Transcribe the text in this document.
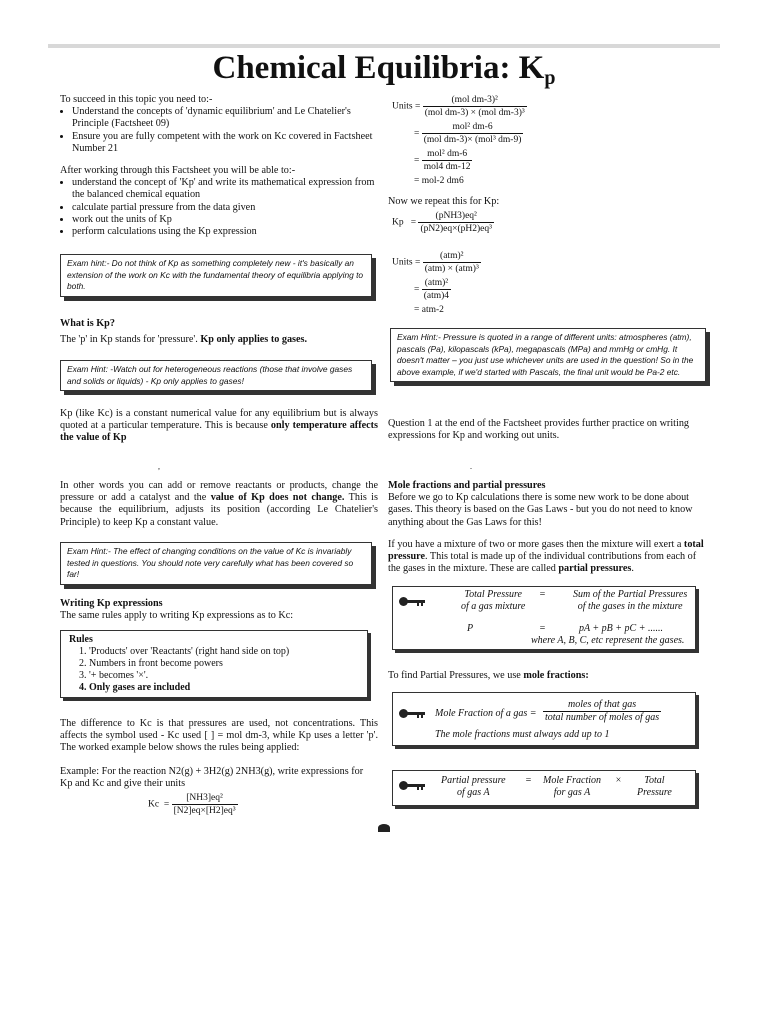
Chemical Equilibria: $K_p$

To succeed in this topic you need to:-

• Understand the concepts of 'dynamic equilibrium' and Le Chatelier's Principle (Factsheet 09)
• Ensure you are fully competent with the work on Kc covered in Factsheet Number 21

After working through this Factsheet you will be able to:-

• understand the concept of 'Kp' and write its mathematical expression from the balanced chemical equation
• calculate partial pressure from the data given
• work out the units of Kp
• perform calculations using the Kp expression
Exam hint:- Do not think of Kp as something completely new - it's basically an extension of the work on Kc with the fundamental theory of equilibria applying to both.

What is Kp?

The 'p' in Kp stands for 'pressure'. Kp only applies to gases.

Exam Hint: -Watch out for heterogeneous reactions (those that involve gases and solids or liquids) - Kp only applies to gases!
Kp (like Kc) is a constant numerical value for any equilibrium but is always quoted at a particular temperature. This is because only temperature affects the value of Kp
,
In other words you can add or remove reactants or products, change the pressure or add a catalyst and the value of Kp does not change. This is because the equilibrium, adjusts its position (according Le Chatelier's Principle) to keep Kp a constant value.
Exam Hint:- The effect of changing conditions on the value of Kc is invariably tested in questions. You should note very carefully what has been covered so far!

Writing Kp expressions

The same rules apply to writing Kp expressions as to Kc:

Rules
1. 'Products' over 'Reactants' (right hand side on top)
2. Numbers in front become powers
3. '+ becomes '×'.
4. Only gases are included
The difference to Kc is that pressures are used, not concentrations. This affects the symbol used - Kc used [ ] = mol dm-3, while Kp uses a letter 'p'. The worked example below shows the rules being applied:
Example: For the reaction N2(g) + 3H2(g) 2NH3(g), write expressions for Kp and Kc and give their units
$Kc = \frac{\text{[NH3]eq²}}{\text{[N2]eq×[H2]eq³}}$
Units = $\frac{\text{(mol dm-3)²}}{\text{(mol dm-3) × (mol dm-3)³}}$
= $\frac{\text{mol² dm-6}}{\text{(mol dm-3)× (mol³ dm-9)}}$
= $\frac{\text{mol² dm-6}}{\text{mol4 dm-12}}$
= mol-2 dm6

Now we repeat this for Kp:

$Kp = \frac{\text{(pNH3)eq²}}{\text{(pN2)eq×(pH2)eq³}}$
Units = $\frac{\text{(atm)²}}{\text{(atm) × (atm)³}}$
= $\frac{\text{(atm)²}}{\text{(atm)4}}$
= atm-2
Exam Hint:- Pressure is quoted in a range of different units: atmospheres (atm), pascals (Pa), kilopascals (kPa), megapascals (MPa) and mmHg or cmHg. It doesn't matter – you just use whichever units are used in the question! So in the above example, if we'd started with Pascals, the final unit would be Pa-2 etc.
Question 1 at the end of the Factsheet provides further practice on writing expressions for Kp and working out units.
.

Mole fractions and partial pressures

Before we go to Kp calculations there is some new work to be done about gases. This theory is based on the Gas Laws - but you do not need to know anything about the Gas Laws for this!

If you have a mixture of two or more gases then the mixture will exert a total pressure. This total is made up of the individual contributions from each of the gases in the mixture. These are called partial pressures.

Total Pressure
of a gas mixture
=	Sum of the Partial Pressures
of the gases in the mixture
P	=	pA + pB + pC + ......
where A, B, C, etc represent the gases.
To find Partial Pressures, we use mole fractions:
Mole Fraction of a gas =
moles of that gas
total number of moles of gas
The mole fractions must always add up to 1
Partial pressure
of gas A
= Mole Fraction
for gas A
×	Total
Pressure
